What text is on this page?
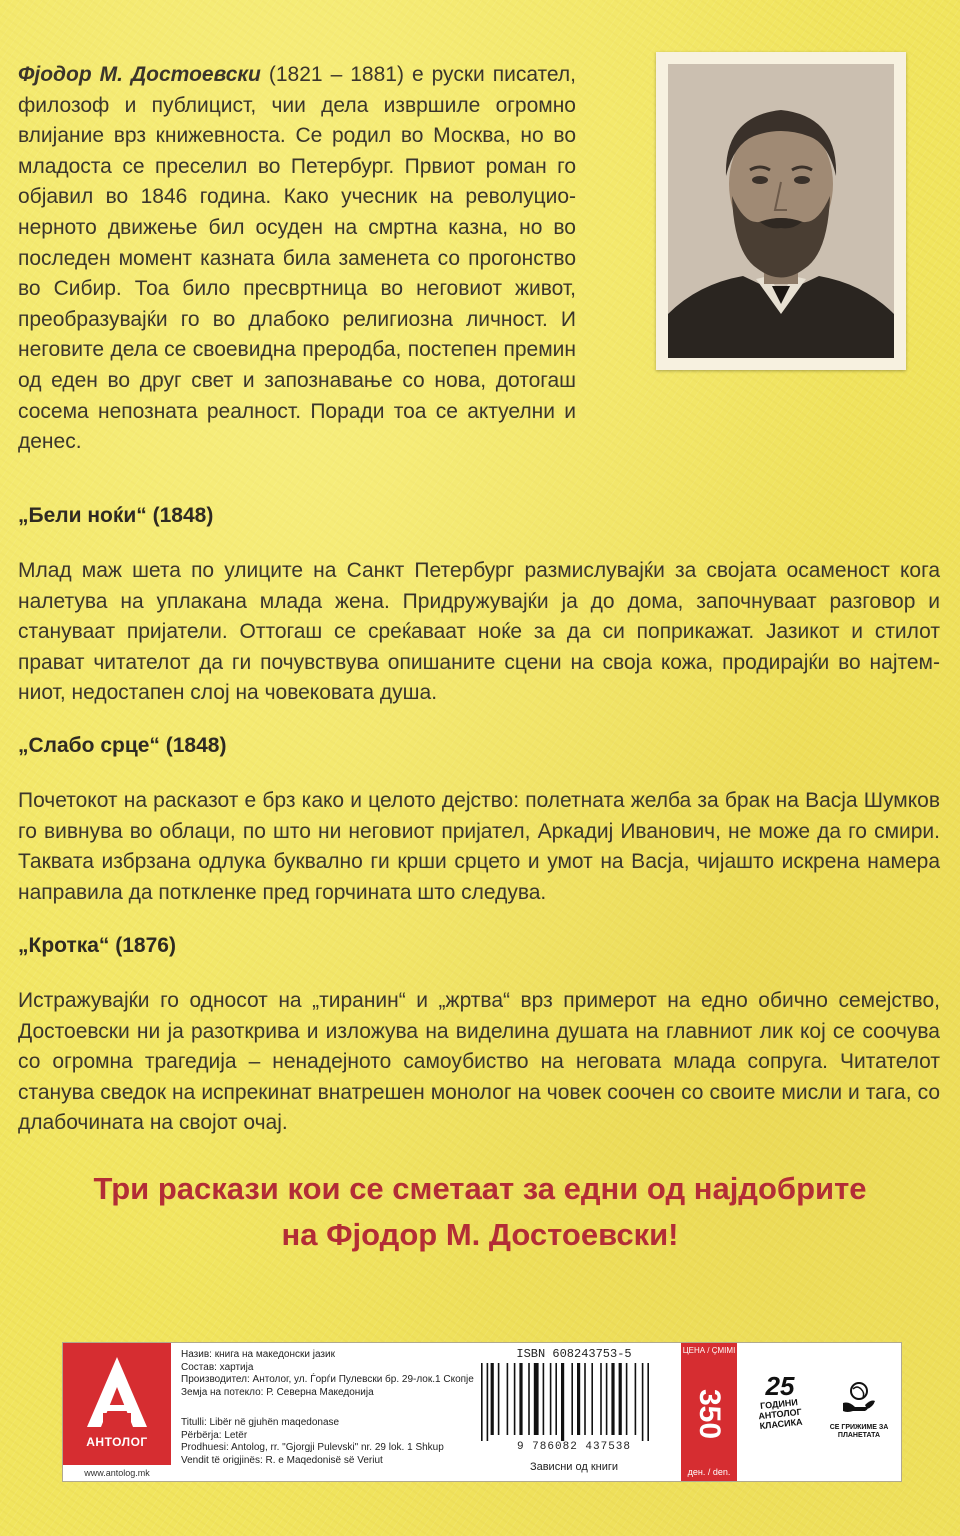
Фјодор М. Достоевски (1821 – 1881) е руски писател, филозоф и публицист, чии дела извршиле огромно влијание врз книжевноста. Се родил во Москва, но во младоста се преселил во Петербург. Првиот роман го објавил во 1846 година. Како учесник на револуцио-нерното движење бил осуден на смртна казна, но во последен момент казната била заменета со прогонство во Сибир. Тоа било пресвртница во неговиот живот, преобразувајќи го во длабоко религиозна личност. И неговите дела се своевидна преродба, постепен премин од еден во друг свет и запознавање со нова, дотогаш сосема непозната реалност. Поради тоа се актуелни и денес.

„Бели ноќи“ (1848)

Млад маж шета по улиците на Санкт Петербург размислувајќи за својата осаменост кога налетува на уплакана млада жена. Придружувајќи ја до дома, започнуваат разговор и стануваат пријатели. Оттогаш се среќаваат ноќе за да си поприкажат. Јазикот и стилот прават читателот да ги почувствува опишаните сцени на своја кожа, продирајќи во најтем-ниот, недостапен слој на човековата душа.

„Слабо срце“ (1848)

Почетокот на расказот е брз како и целото дејство: полетната желба за брак на Васја Шумков го вивнува во облаци, по што ни неговиот пријател, Аркадиј Иванович, не може да го смири. Таквата избрзана одлука буквално ги крши срцето и умот на Васја, чијашто искрена намера направила да поткленке пред горчината што следува.

„Кротка“ (1876)

Истражувајќи го односот на „тиранин“ и „жртва“ врз примерот на едно обично семејство, Достоевски ни ја разоткрива и изложува на виделина душата на главниот лик кој се соочува со огромна трагедија – ненадејното самоубиство на неговата млада сопруга. Читателот станува сведок на испрекинат внатрешен монолог на човек соочен со своите мисли и тага, со длабочината на својот очај.

Три раскази кои се сметаат за едни од најдобрите

на Фјодор М. Достоевски!

АНТОЛОГ
www.antolog.mk
Назив: книга на македонски јазик
Состав: хартија
Производител: Антолог, ул. Ѓорѓи Пулевски бр. 29-лок.1 Скопје
Земја на потекло: Р. Северна Македонија
Titulli: Libër në gjuhën maqedonase
Përbërja: Letër
Prodhuesi: Antolog, rr. "Gjorgji Pulevski" nr. 29 lok. 1 Shkup
Vendit të origjinës: R. e Maqedonisë së Veriut
ISBN 608243753-5
9 786082 437538
Зависни од книги
ЦЕНА / ÇMIMI
350
ден. / den.
25
ГОДИНИ АНТОЛОГ КЛАСИКА	СЕ ГРИЖИМЕ ЗА ПЛАНЕТАТА
